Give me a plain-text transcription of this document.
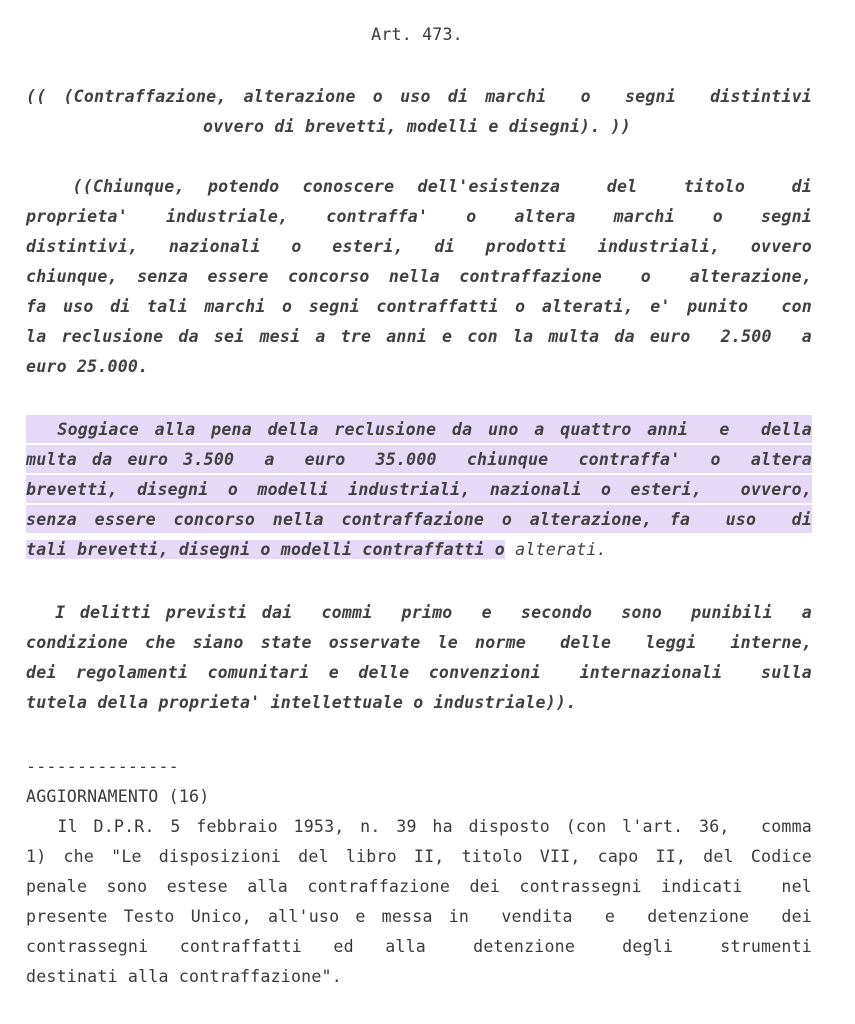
Art. 473.
(( (Contraffazione, alterazione o uso di marchi  o  segni  distintivi
ovvero di brevetti, modelli e disegni). ))
((Chiunque, potendo conoscere dell'esistenza  del  titolo  di
proprieta' industriale, contraffa' o altera marchi o segni
distintivi, nazionali o esteri, di prodotti industriali, ovvero
chiunque, senza essere concorso nella contraffazione  o  alterazione,
fa uso di tali marchi o segni contraffatti o alterati, e' punito  con
la reclusione da sei mesi a tre anni e con la multa da euro  2.500  a
euro 25.000.
Soggiace alla pena della reclusione da uno a quattro anni  e  della
multa da euro 3.500  a  euro  35.000  chiunque  contraffa'  o  altera
brevetti, disegni o modelli industriali, nazionali o esteri,  ovvero,
senza essere concorso nella contraffazione o alterazione, fa  uso  di
tali brevetti, disegni o modelli contraffatti o alterati.
I delitti previsti dai  commi  primo  e  secondo  sono  punibili  a
condizione che siano state osservate le norme  delle  leggi  interne,
dei regolamenti comunitari e delle convenzioni  internazionali  sulla
tutela della proprieta' intellettuale o industriale)).
---------------
AGGIORNAMENTO (16)
Il D.P.R. 5 febbraio 1953, n. 39 ha disposto (con l'art. 36,  comma
1) che "Le disposizioni del libro II, titolo VII, capo II, del Codice
penale sono estese alla contraffazione dei contrassegni indicati  nel
presente Testo Unico, all'uso e messa in  vendita  e  detenzione  dei
contrassegni  contraffatti  ed  alla   detenzione   degli   strumenti
destinati alla contraffazione".
